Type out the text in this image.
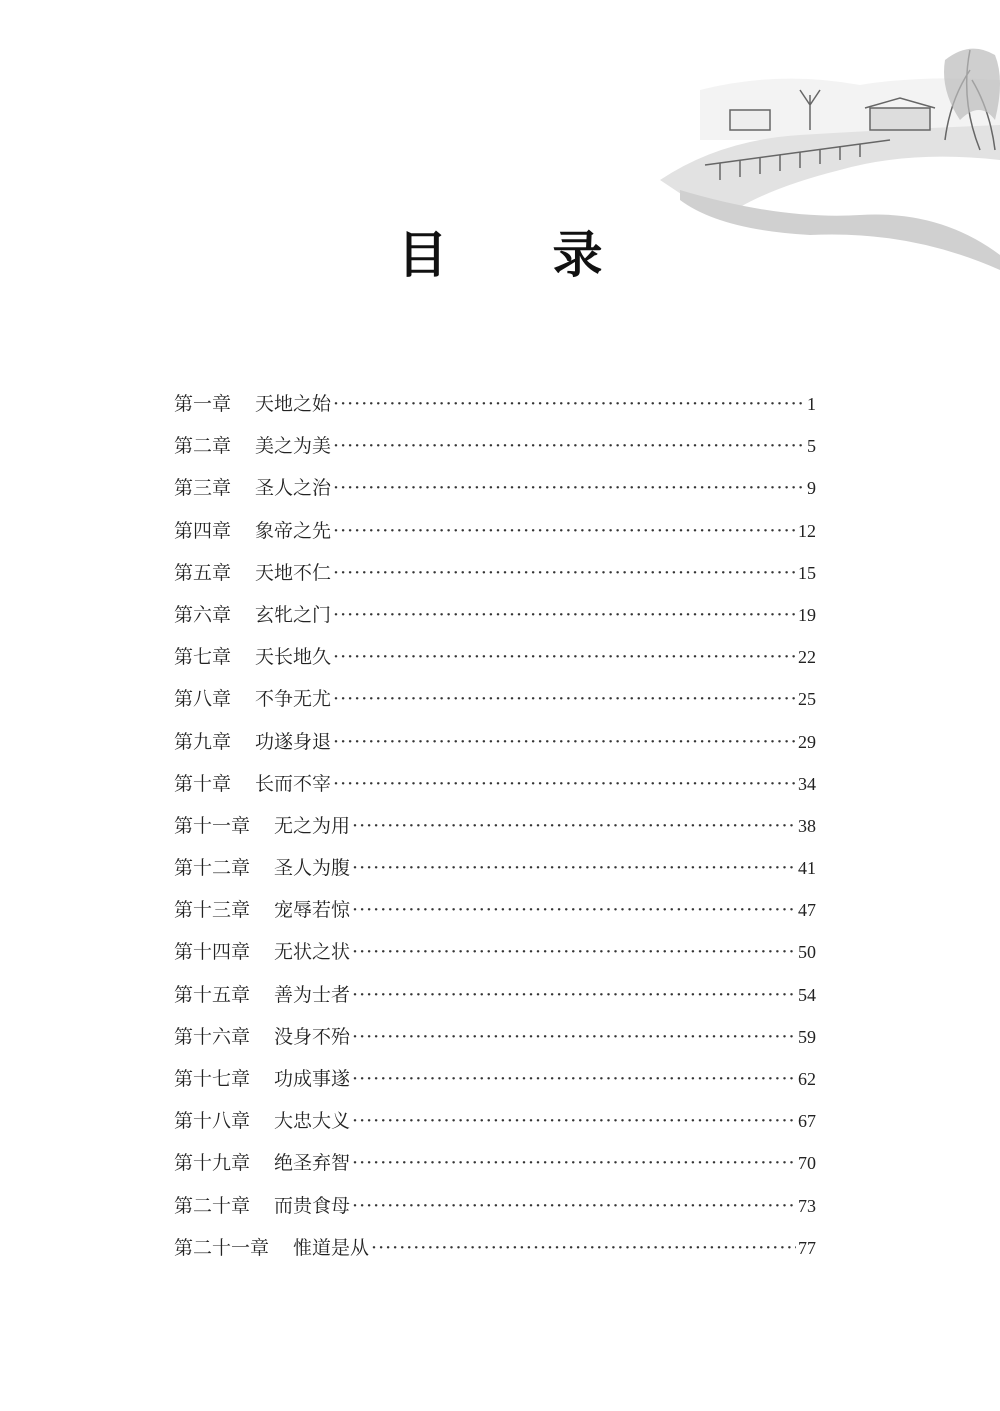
目 录
第一章 天地之始 ·····	1
第二章 美之为美 ·····	5
第三章 圣人之治 ·····	9
第四章 象帝之先 ·····	12
第五章 天地不仁 ·····	15
第六章 玄牝之门 ·····	19
第七章 天长地久 ·····	22
第八章 不争无尤 ·····	25
第九章 功遂身退 ·····	29
第十章 长而不宰 ·····	34
第十一章 无之为用 ·····	38
第十二章 圣人为腹 ·····	41
第十三章 宠辱若惊 ·····	47
第十四章 无状之状 ·····	50
第十五章 善为士者 ·····	54
第十六章 没身不殆 ·····	59
第十七章 功成事遂 ·····	62
第十八章 大忠大义 ·····	67
第十九章 绝圣弃智 ·····	70
第二十章 而贵食母 ·····	73
第二十一章 惟道是从 ·····	77
